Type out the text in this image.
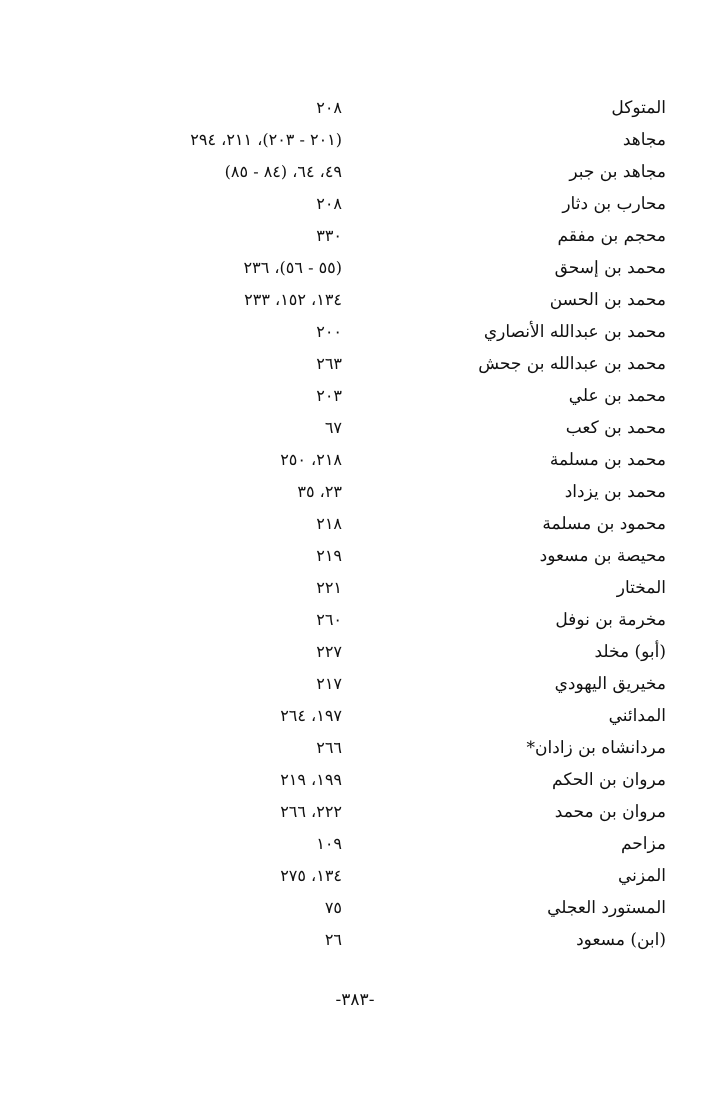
المتوكل
٢٠٨
مجاهد
(٢٠١ - ٢٠٣)، ٢١١، ٢٩٤
مجاهد بن جبر
٤٩، ٦٤، (٨٤ - ٨٥)
محارب بن دثار
٢٠٨
محجم بن مفقم
٣٣٠
محمد بن إسحق
(٥٥ - ٥٦)، ٢٣٦
محمد بن الحسن
١٣٤، ١٥٢، ٢٣٣
محمد بن عبدالله الأنصاري
٢٠٠
محمد بن عبدالله بن جحش
٢٦٣
محمد بن علي
٢٠٣
محمد بن كعب
٦٧
محمد بن مسلمة
٢١٨، ٢٥٠
محمد بن يزداد
٢٣، ٣٥
محمود بن مسلمة
٢١٨
محيصة بن مسعود
٢١٩
المختار
٢٢١
مخرمة بن نوفل
٢٦٠
(أبو) مخلد
٢٢٧
مخيريق اليهودي
٢١٧
المدائني
١٩٧، ٢٦٤
مردانشاه بن زادان*
٢٦٦
مروان بن الحكم
١٩٩، ٢١٩
مروان بن محمد
٢٢٢، ٢٦٦
مزاحم
١٠٩
المزني
١٣٤، ٢٧٥
المستورد العجلي
٧٥
(ابن) مسعود
٢٦
-٣٨٣-
